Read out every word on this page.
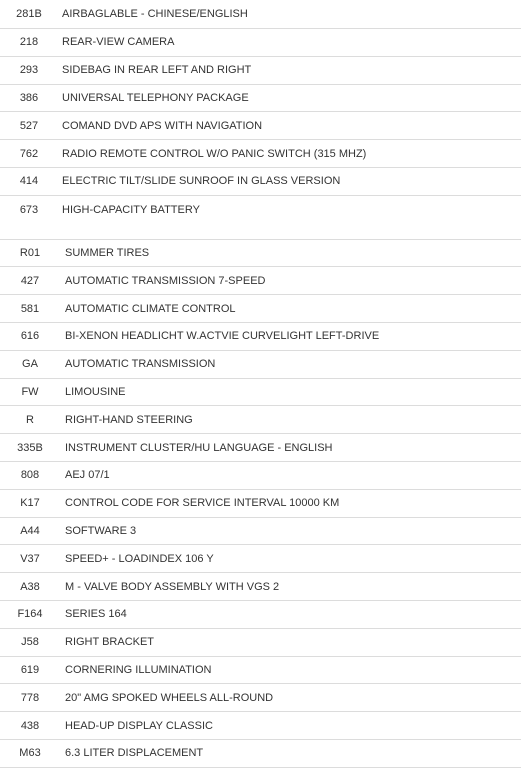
281B	AIRBAGLABLE - CHINESE/ENGLISH
218	REAR-VIEW CAMERA
293	SIDEBAG IN REAR LEFT AND RIGHT
386	UNIVERSAL TELEPHONY PACKAGE
527	COMAND DVD APS WITH NAVIGATION
762	RADIO REMOTE CONTROL W/O PANIC SWITCH (315 MHZ)
414	ELECTRIC TILT/SLIDE SUNROOF IN GLASS VERSION
673	HIGH-CAPACITY BATTERY
R01	SUMMER TIRES
427	AUTOMATIC TRANSMISSION 7-SPEED
581	AUTOMATIC CLIMATE CONTROL
616	BI-XENON HEADLICHT W.ACTVIE CURVELIGHT LEFT-DRIVE
GA	AUTOMATIC TRANSMISSION
FW	LIMOUSINE
R	RIGHT-HAND STEERING
335B	INSTRUMENT CLUSTER/HU LANGUAGE - ENGLISH
808	AEJ 07/1
K17	CONTROL CODE FOR SERVICE INTERVAL 10000 KM
A44	SOFTWARE 3
V37	SPEED+ - LOADINDEX 106 Y
A38	M - VALVE BODY ASSEMBLY WITH VGS 2
F164	SERIES 164
J58	RIGHT BRACKET
619	CORNERING ILLUMINATION
778	20" AMG SPOKED WHEELS ALL-ROUND
438	HEAD-UP DISPLAY CLASSIC
M63	6.3 LITER DISPLACEMENT
